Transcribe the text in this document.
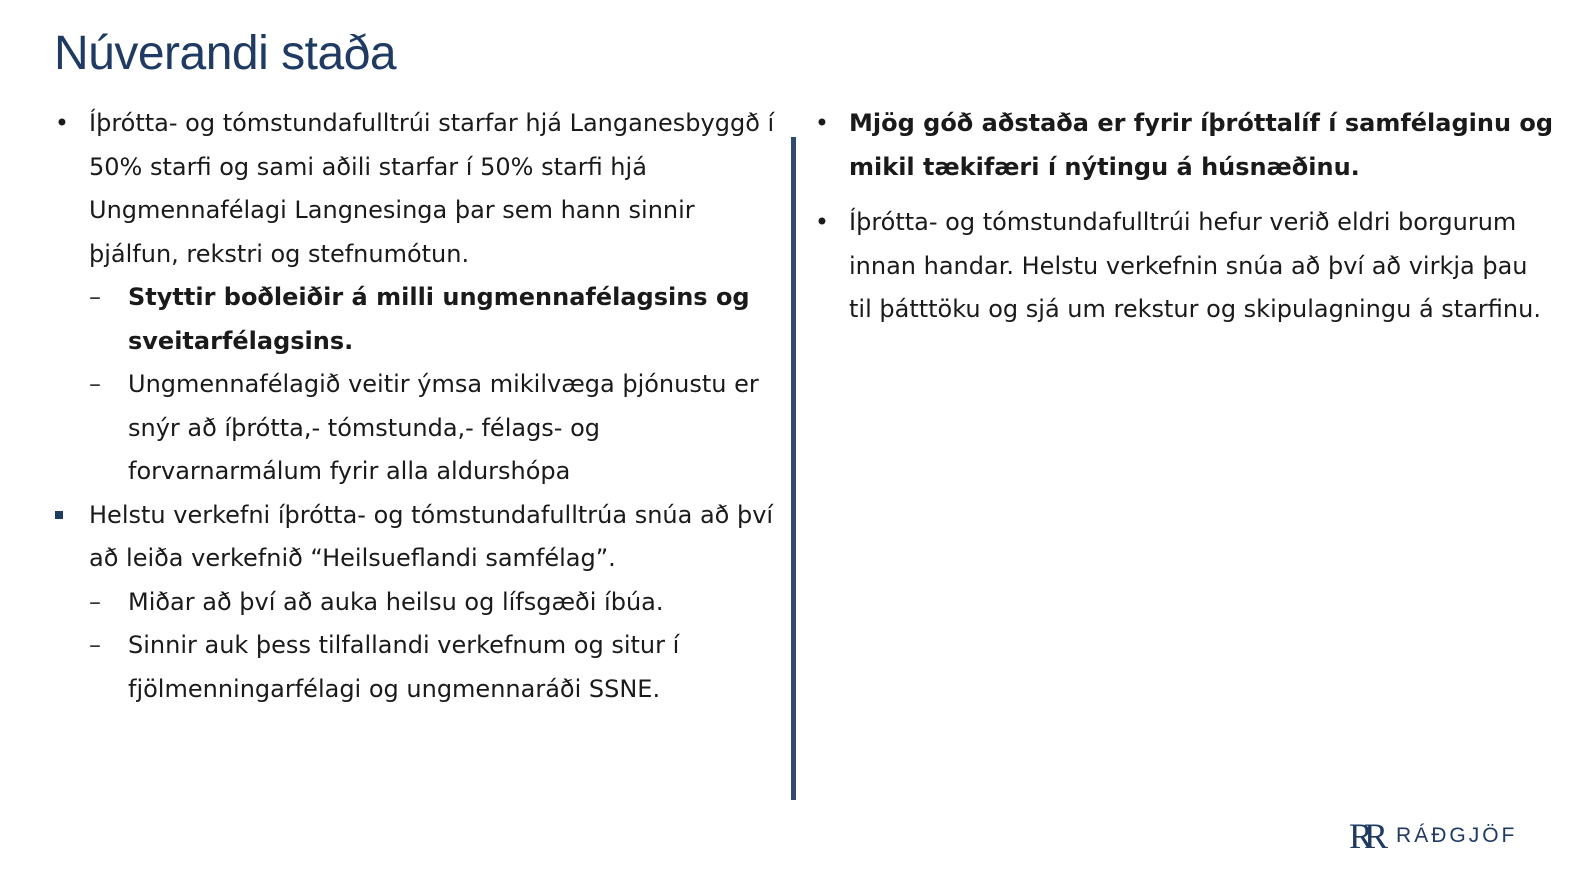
Núverandi staða
• Íþrótta- og tómstundafulltrúi starfar hjá Langanesbyggð í 50% starfi og sami aðili starfar í 50% starfi hjá Ungmennafélagi Langnesinga þar sem hann sinnir þjálfun, rekstri og stefnumótun.
–	Styttir boðleiðir á milli ungmennafélagsins og sveitarfélagsins.
–	Ungmennafélagið veitir ýmsa mikilvæga þjónustu er snýr að íþrótta,- tómstunda,- félags- og forvarnarmálum fyrir alla aldurshópa
Helstu verkefni íþrótta- og tómstundafulltrúa snúa að því að leiða verkefnið “Heilsueflandi samfélag”.
–	Miðar að því að auka heilsu og lífsgæði íbúa.
–	Sinnir auk þess tilfallandi verkefnum og situr í fjölmenningarfélagi og ungmennaráði SSNE.
• Mjög góð aðstaða er fyrir íþróttalíf í samfélaginu og mikil tækifæri í nýtingu á húsnæðinu.
• Íþrótta- og tómstundafulltrúi hefur verið eldri borgurum innan handar. Helstu verkefnin snúa að því að virkja þau til þátttöku og sjá um rekstur og skipulagningu á starfinu.
RR RÁÐGJÖF
